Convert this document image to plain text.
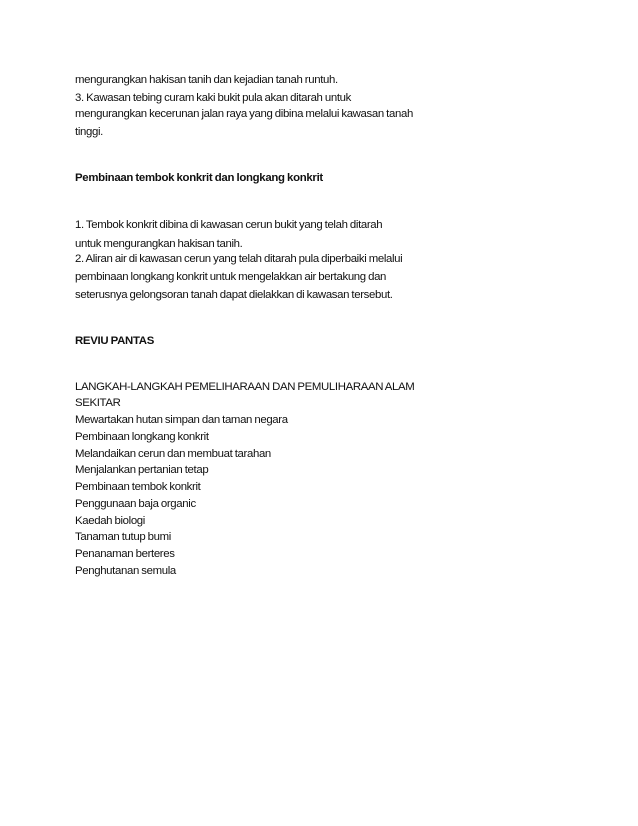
mengurangkan hakisan tanih dan kejadian tanah runtuh.
3. Kawasan tebing curam kaki bukit pula akan ditarah untuk
mengurangkan kecerunan jalan raya yang dibina melalui kawasan tanah
tinggi.
Pembinaan tembok konkrit dan longkang konkrit
1. Tembok konkrit dibina di kawasan cerun bukit yang telah ditarah
untuk mengurangkan hakisan tanih.
2. Aliran air di kawasan cerun yang telah ditarah pula diperbaiki melalui
pembinaan longkang konkrit untuk mengelakkan air bertakung dan
seterusnya gelongsoran tanah dapat dielakkan di kawasan tersebut.
REVIU PANTAS
LANGKAH-LANGKAH PEMELIHARAAN DAN PEMULIHARAAN ALAM
SEKITAR
Mewartakan hutan simpan dan taman negara
Pembinaan longkang konkrit
Melandaikan cerun dan membuat tarahan
Menjalankan pertanian tetap
Pembinaan tembok konkrit
Penggunaan baja organic
Kaedah biologi
Tanaman tutup bumi
Penanaman berteres
Penghutanan semula
